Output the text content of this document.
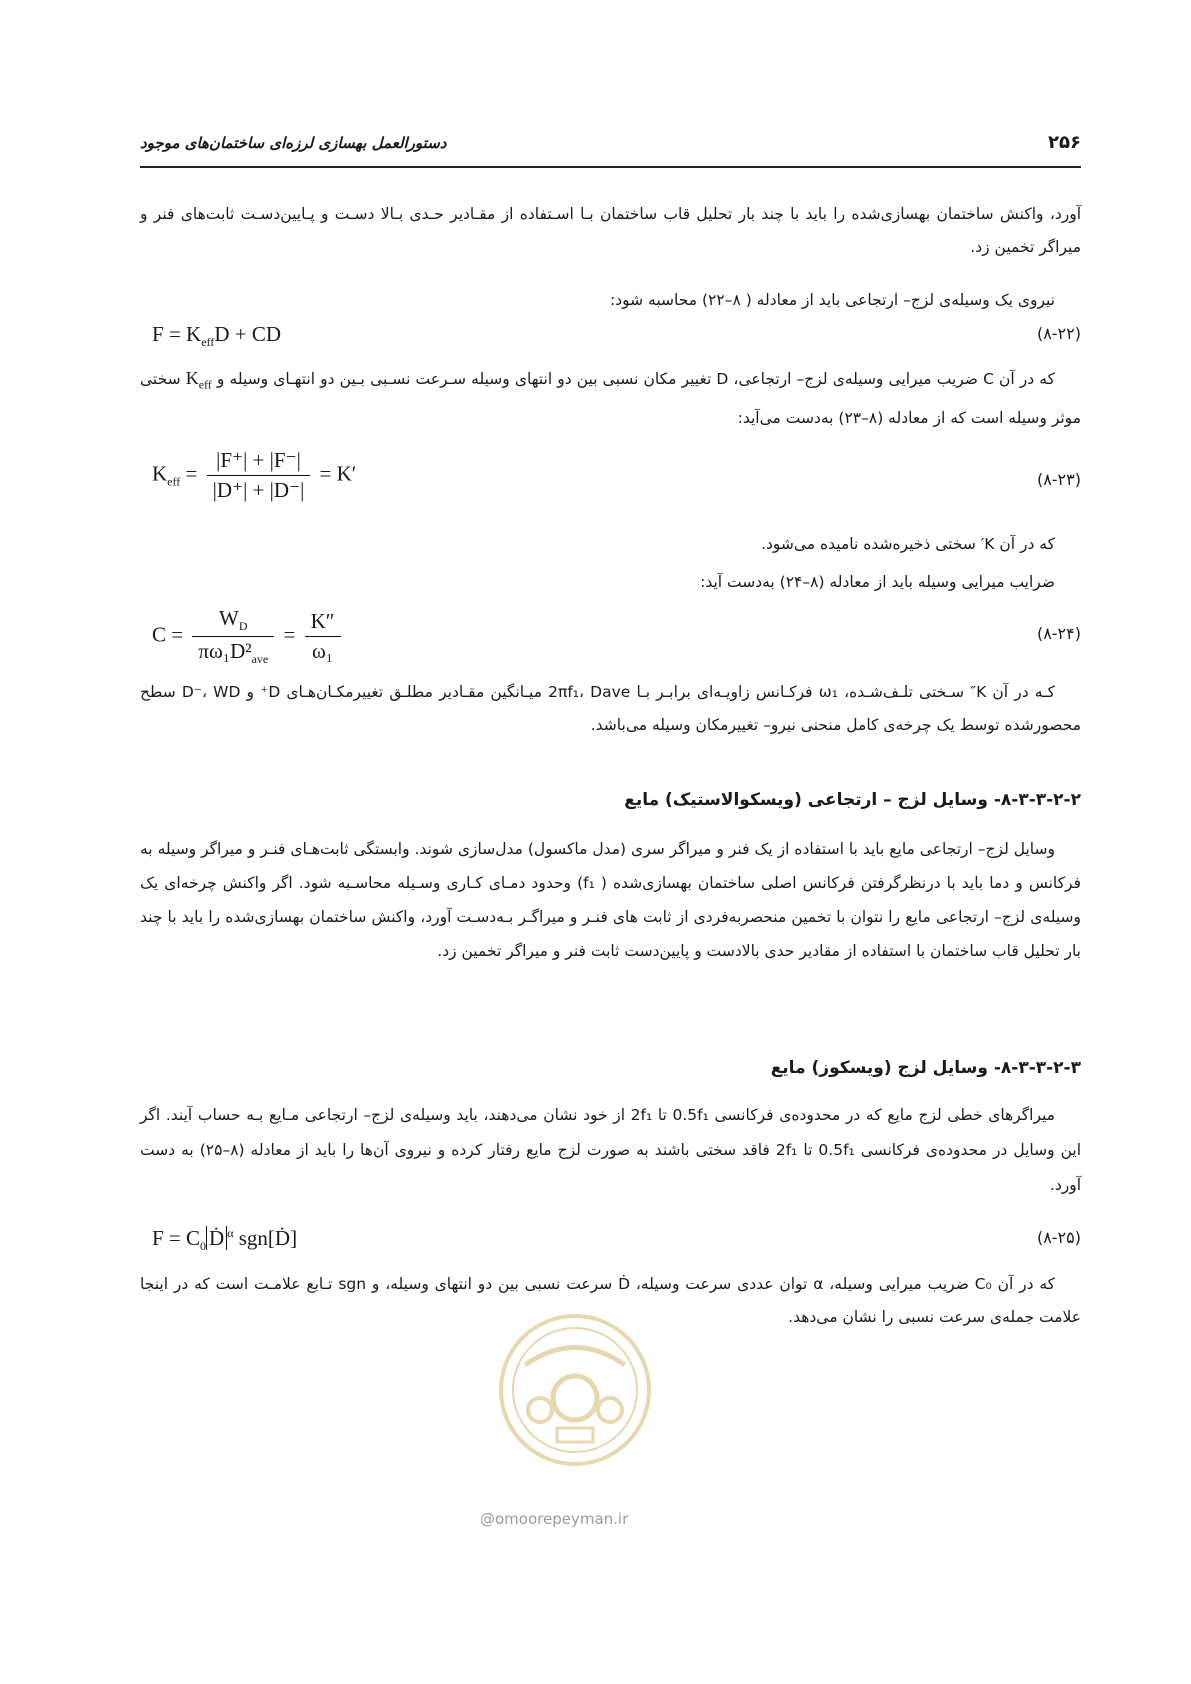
۲۵۶
دستورالعمل بهسازی لرزه‌ای ساختمان‌های موجود
آورد، واکنش ساختمان بهسازی‌شده را باید با چند بار تحلیل قاب ساختمان بـا اسـتفاده از مقـادیر حـدی بـالا دسـت و پـایین‌دسـت ثابت‌های فنر و میراگر تخمین زد.
نیروی یک وسیله‌ی لزج– ارتجاعی باید از معادله ( ۸–۲۲) محاسبه شود:
$F = K_{eff}D$ + CD	(۸-۲۲)
که در آن C ضریب میرایی وسیله‌ی لزج– ارتجاعی، D تغییر مکان نسبی بین دو انتهای وسیله سـرعت نسـبی بـین دو انتهـای وسیله و $K_{eff}$ سختی موثر وسیله است که از معادله (۸–۲۳) به‌دست می‌آید:
$K_{eff} = \frac{|F^+| + |F^-|}{|D^+| + |D^-|} = K'$	(۸-۲۳)
که در آن K′ سختی ذخیره‌شده نامیده می‌شود.
ضرایب میرایی وسیله باید از معادله (۸–۲۴) به‌دست آید:
$C = \frac{W_D}{\pi\omega_1D^2_{ave}} = \frac{K''}{\text{ω₁}}$	(۸-۲۴)
کـه در آن K″ سـختی تلـف‌شـده، ω₁ فرکـانس زاویـه‌ای برابـر بـا 2πf₁، Dave میـانگین مقـادیر مطلـق تغییرمکـان‌هـای D⁺ و D⁻، WD سطح محصورشده توسط یک چرخه‌ی کامل منحنی نیرو– تغییرمکان وسیله می‌باشد.
۸-۳-۳-۲-۲- وسایل لزج – ارتجاعی (ویسکوالاستیک) مایع
وسایل لزج– ارتجاعی مایع باید با استفاده از یک فنر و میراگر سری (مدل ماکسول) مدل‌سازی شوند. وابستگی ثابت‌هـای فنـر و میراگر وسیله به فرکانس و دما باید با درنظرگرفتن فرکانس اصلی ساختمان بهسازی‌شده ( f₁) وحدود دمـای کـاری وسـیله محاسـبه شود. اگر واکنش چرخه‌ای یک وسیله‌ی لزج– ارتجاعی مایع را نتوان با تخمین منحصربه‌فردی از ثابت های فنـر و میراگـر بـه‌دسـت آورد، واکنش ساختمان بهسازی‌شده را باید با چند بار تحلیل قاب ساختمان با استفاده از مقادیر حدی بالادست و پایین‌دست ثابت فنر و میراگر تخمین زد.
۸-۳-۳-۲-۳- وسایل لزج (ویسکوز) مایع
میراگرهای خطی لزج مایع که در محدوده‌ی فرکانسی 0.5f₁ تا 2f₁ از خود نشان می‌دهند، باید وسیله‌ی لزج– ارتجاعی مـایع بـه حساب آیند. اگر این وسایل در محدوده‌ی فرکانسی 0.5f₁ تا 2f₁ فاقد سختی باشند به صورت لزج مایع رفتار کرده و نیروی آن‌ها را باید از معادله (۸–۲۵) به دست آورد.
$F = C_0$ Ḋ $^\alpha$ sgn[Ḋ]	(۸-۲۵)
که در آن C₀ ضریب میرایی وسیله، α توان عددی سرعت وسیله، Ḋ سرعت نسبی بین دو انتهای وسیله، و sgn تـابع علامـت است که در اینجا علامت جمله‌ی سرعت نسبی را نشان می‌دهد.
@omoorepeyman.ir
